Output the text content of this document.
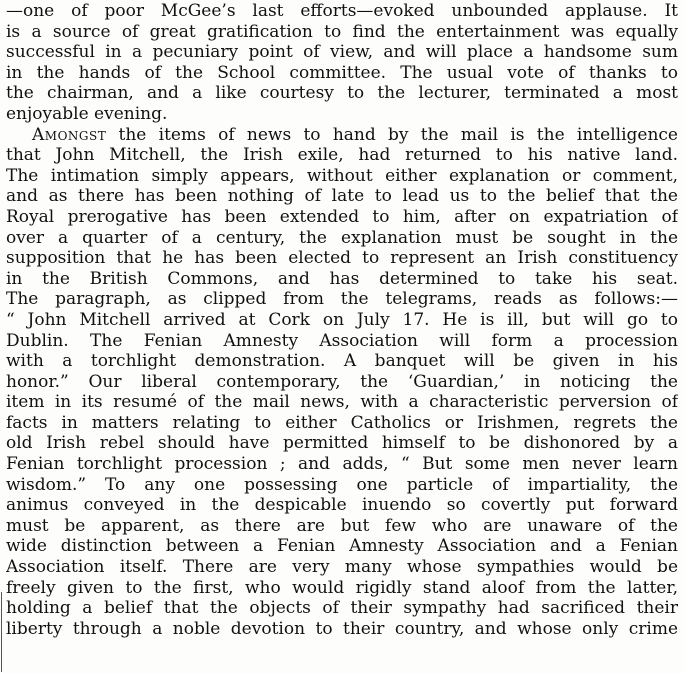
—one of poor McGee’s last efforts—evoked unbounded applause. It
is a source of great gratification to find the entertainment was equally
successful in a pecuniary point of view, and will place a handsome sum
in the hands of the School committee. The usual vote of thanks to
the chairman, and a like courtesy to the lecturer, terminated a most
enjoyable evening.
Amongst the items of news to hand by the mail is the intelligence
that John Mitchell, the Irish exile, had returned to his native land.
The intimation simply appears, without either explanation or comment,
and as there has been nothing of late to lead us to the belief that the
Royal prerogative has been extended to him, after on expatriation of
over a quarter of a century, the explanation must be sought in the
supposition that he has been elected to represent an Irish constituency
in the British Commons, and has determined to take his seat.
The paragraph, as clipped from the telegrams, reads as follows:—
“ John Mitchell arrived at Cork on July 17. He is ill, but will go to
Dublin. The Fenian Amnesty Association will form a procession
with a torchlight demonstration. A banquet will be given in his
honor.” Our liberal contemporary, the ‘Guardian,’ in noticing the
item in its resumé of the mail news, with a characteristic perversion of
facts in matters relating to either Catholics or Irishmen, regrets the
old Irish rebel should have permitted himself to be dishonored by a
Fenian torchlight procession ; and adds, “ But some men never learn
wisdom.” To any one possessing one particle of impartiality, the
animus conveyed in the despicable inuendo so covertly put forward
must be apparent, as there are but few who are unaware of the
wide distinction between a Fenian Amnesty Association and a Fenian
Association itself. There are very many whose sympathies would be
freely given to the first, who would rigidly stand aloof from the latter,
holding a belief that the objects of their sympathy had sacrificed their
liberty through a noble devotion to their country, and whose only crime
